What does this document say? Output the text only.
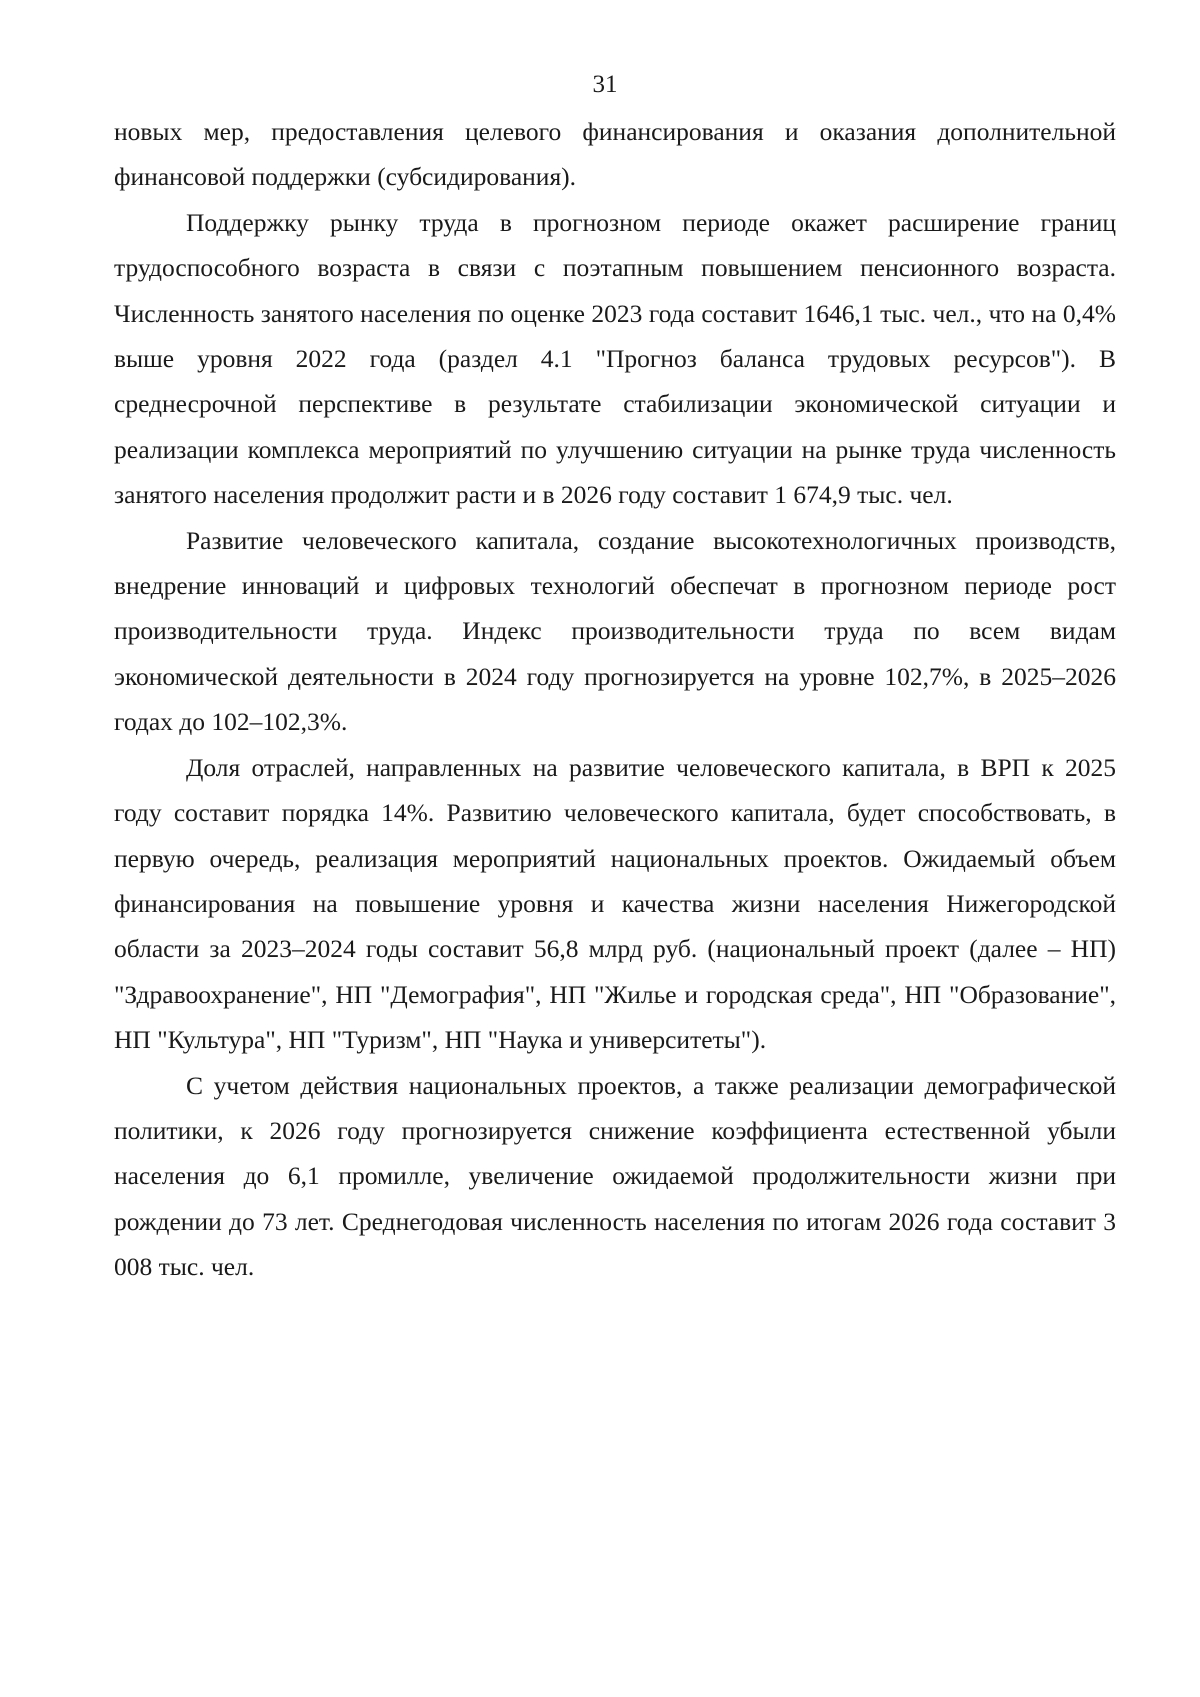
31

новых мер, предоставления целевого финансирования и оказания дополнительной финансовой поддержки (субсидирования).

Поддержку рынку труда в прогнозном периоде окажет расширение границ трудоспособного возраста в связи с поэтапным повышением пенсионного возраста. Численность занятого населения по оценке 2023 года составит 1646,1 тыс. чел., что на 0,4% выше уровня 2022 года (раздел 4.1 "Прогноз баланса трудовых ресурсов"). В среднесрочной перспективе в результате стабилизации экономической ситуации и реализации комплекса мероприятий по улучшению ситуации на рынке труда численность занятого населения продолжит расти и в 2026 году составит 1 674,9 тыс. чел.

Развитие человеческого капитала, создание высокотехнологичных производств, внедрение инноваций и цифровых технологий обеспечат в прогнозном периоде рост производительности труда. Индекс производительности труда по всем видам экономической деятельности в 2024 году прогнозируется на уровне 102,7%, в 2025–2026 годах до 102–102,3%.

Доля отраслей, направленных на развитие человеческого капитала, в ВРП к 2025 году составит порядка 14%. Развитию человеческого капитала, будет способствовать, в первую очередь, реализация мероприятий национальных проектов. Ожидаемый объем финансирования на повышение уровня и качества жизни населения Нижегородской области за 2023–2024 годы составит 56,8 млрд руб. (национальный проект (далее – НП) "Здравоохранение", НП "Демография", НП "Жилье и городская среда", НП "Образование", НП "Культура", НП "Туризм", НП "Наука и университеты").

С учетом действия национальных проектов, а также реализации демографической политики, к 2026 году прогнозируется снижение коэффициента естественной убыли населения до 6,1 промилле, увеличение ожидаемой продолжительности жизни при рождении до 73 лет. Среднегодовая численность населения по итогам 2026 года составит 3 008 тыс. чел.
